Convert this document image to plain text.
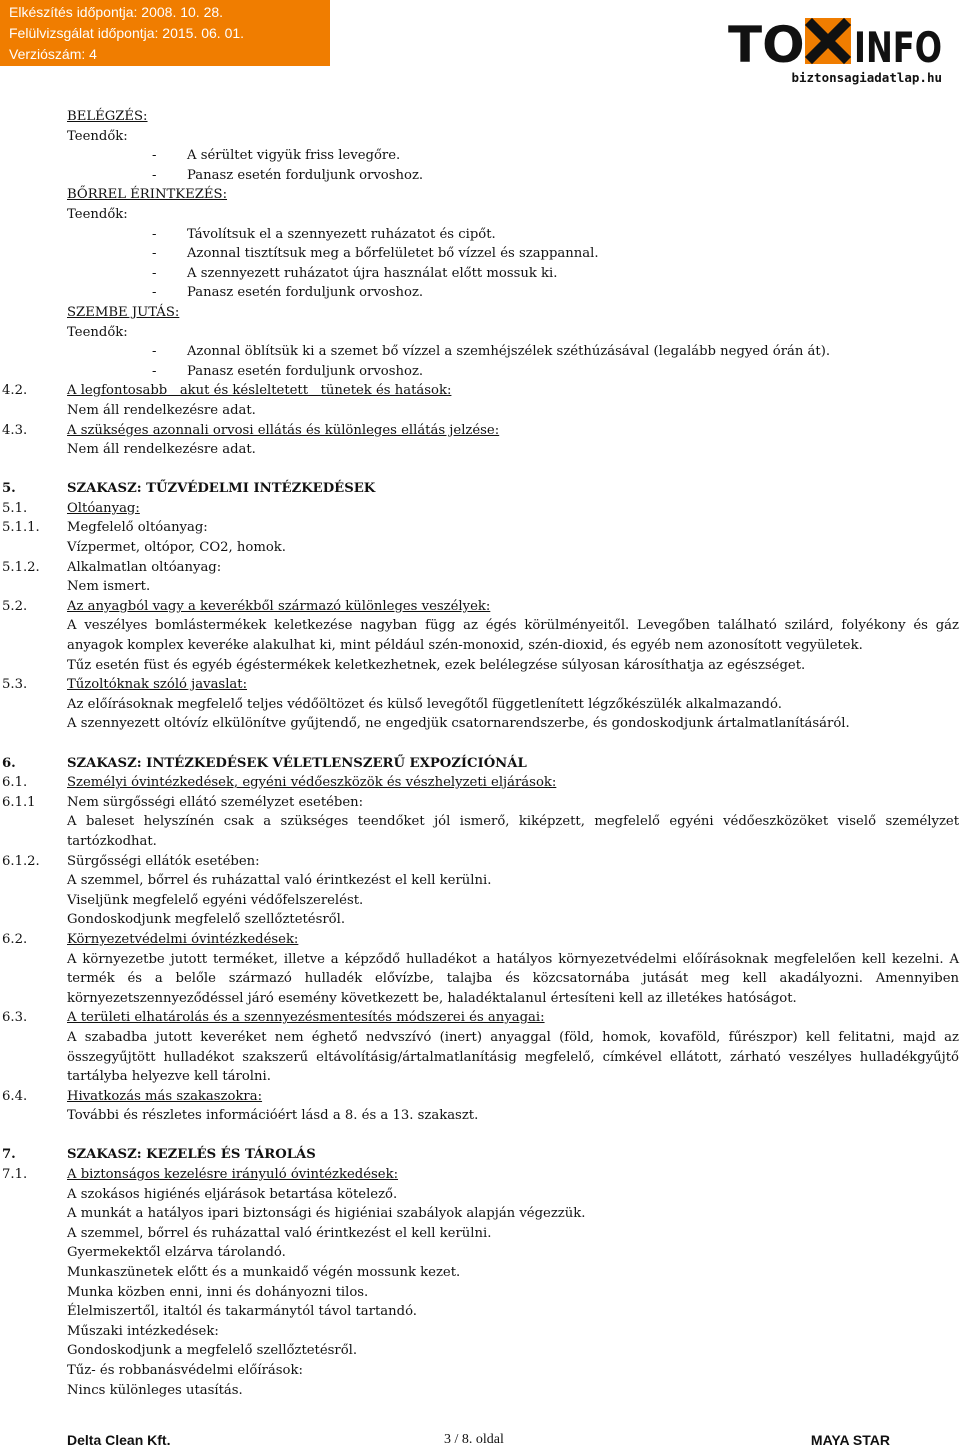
Elkészítés időpontja: 2008. 10. 28.
Felülvizsgálat időpontja: 2015. 06. 01.
Verziószám: 4	TO INFO
biztonsagiadatlap.hu
BELÉGZÉS:
Teendők:
- A sérültet vigyük friss levegőre.
- Panasz esetén forduljunk orvoshoz.
BŐRREL ÉRINTKEZÉS:
Teendők:
- Távolítsuk el a szennyezett ruházatot és cipőt.
- Azonnal tisztítsuk meg a bőrfelületet bő vízzel és szappannal.
- A szennyezett ruházatot újra használat előtt mossuk ki.
- Panasz esetén forduljunk orvoshoz.
SZEMBE JUTÁS:
Teendők:
- Azonnal öblítsük ki a szemet bő vízzel a szemhéjszélek széthúzásával (legalább negyed órán át).
- Panasz esetén forduljunk orvoshoz.
4.2.	A legfontosabb   akut és késleltetett   tünetek és hatások:
Nem áll rendelkezésre adat.
4.3.	A szükséges azonnali orvosi ellátás és különleges ellátás jelzése:
Nem áll rendelkezésre adat.
5.	SZAKASZ: TŰZVÉDELMI INTÉZKEDÉSEK
5.1.	Oltóanyag:
5.1.1. Megfelelő oltóanyag:
Vízpermet, oltópor, CO2, homok.
5.1.2. Alkalmatlan oltóanyag:
Nem ismert.
5.2.	Az anyagból vagy a keverékből származó különleges veszélyek:

A veszélyes bomlástermékek keletkezése nagyban függ az égés körülményeitől. Levegőben található szilárd, folyékony és gáz anyagok komplex keveréke alakulhat ki, mint például szén-monoxid, szén-dioxid, és egyéb nem azonosított vegyületek.

Tűz esetén füst és egyéb égéstermékek keletkezhetnek, ezek belélegzése súlyosan károsíthatja az egészséget.

5.3.	Tűzoltóknak szóló javaslat:

Az előírásoknak megfelelő teljes védőöltözet és külső levegőtől függetlenített légzőkészülék alkalmazandó.

A szennyezett oltóvíz elkülönítve gyűjtendő, ne engedjük csatornarendszerbe, és gondoskodjunk ártalmatlanításáról.

6.	SZAKASZ: INTÉZKEDÉSEK VÉLETLENSZERŰ EXPOZÍCIÓNÁL
6.1.	Személyi óvintézkedések, egyéni védőeszközök és vészhelyzeti eljárások:
6.1.1 Nem sürgősségi ellátó személyzet esetében:

A baleset helyszínén csak a szükséges teendőket jól ismerő, kiképzett, megfelelő egyéni védőeszközöket viselő személyzet tartózkodhat.

6.1.2. Sürgősségi ellátók esetében:
A szemmel, bőrrel és ruházattal való érintkezést el kell kerülni.
Viseljünk megfelelő egyéni védőfelszerelést.
Gondoskodjunk megfelelő szellőztetésről.
6.2.	Környezetvédelmi óvintézkedések:

A környezetbe jutott terméket, illetve a képződő hulladékot a hatályos környezetvédelmi előírásoknak megfelelően kell kezelni. A termék és a belőle származó hulladék elővízbe, talajba és közcsatornába jutását meg kell akadályozni. Amennyiben környezetszennyeződéssel járó esemény következett be, haladéktalanul értesíteni kell az illetékes hatóságot.

6.3.	A területi elhatárolás és a szennyezésmentesítés módszerei és anyagai:

A szabadba jutott keveréket nem éghető nedvszívó (inert) anyaggal (föld, homok, kovaföld, fűrészpor) kell felitatni, majd az összegyűjtött hulladékot szakszerű eltávolításig/ártalmatlanításig megfelelő, címkével ellátott, zárható veszélyes hulladékgyűjtő tartályba helyezve kell tárolni.

6.4.	Hivatkozás más szakaszokra:
További és részletes információért lásd a 8. és a 13. szakaszt.
7.	SZAKASZ: KEZELÉS ÉS TÁROLÁS
7.1.	A biztonságos kezelésre irányuló óvintézkedések:
A szokásos higiénés eljárások betartása kötelező.
A munkát a hatályos ipari biztonsági és higiéniai szabályok alapján végezzük.
A szemmel, bőrrel és ruházattal való érintkezést el kell kerülni.
Gyermekektől elzárva tárolandó.
Munkaszünetek előtt és a munkaidő végén mossunk kezet.
Munka közben enni, inni és dohányozni tilos.
Élelmiszertől, italtól és takarmánytól távol tartandó.
Műszaki intézkedések:
Gondoskodjunk a megfelelő szellőztetésről.
Tűz- és robbanásvédelmi előírások:
Nincs különleges utasítás.
Delta Clean Kft.	3 / 8. oldal	MAYA STAR
